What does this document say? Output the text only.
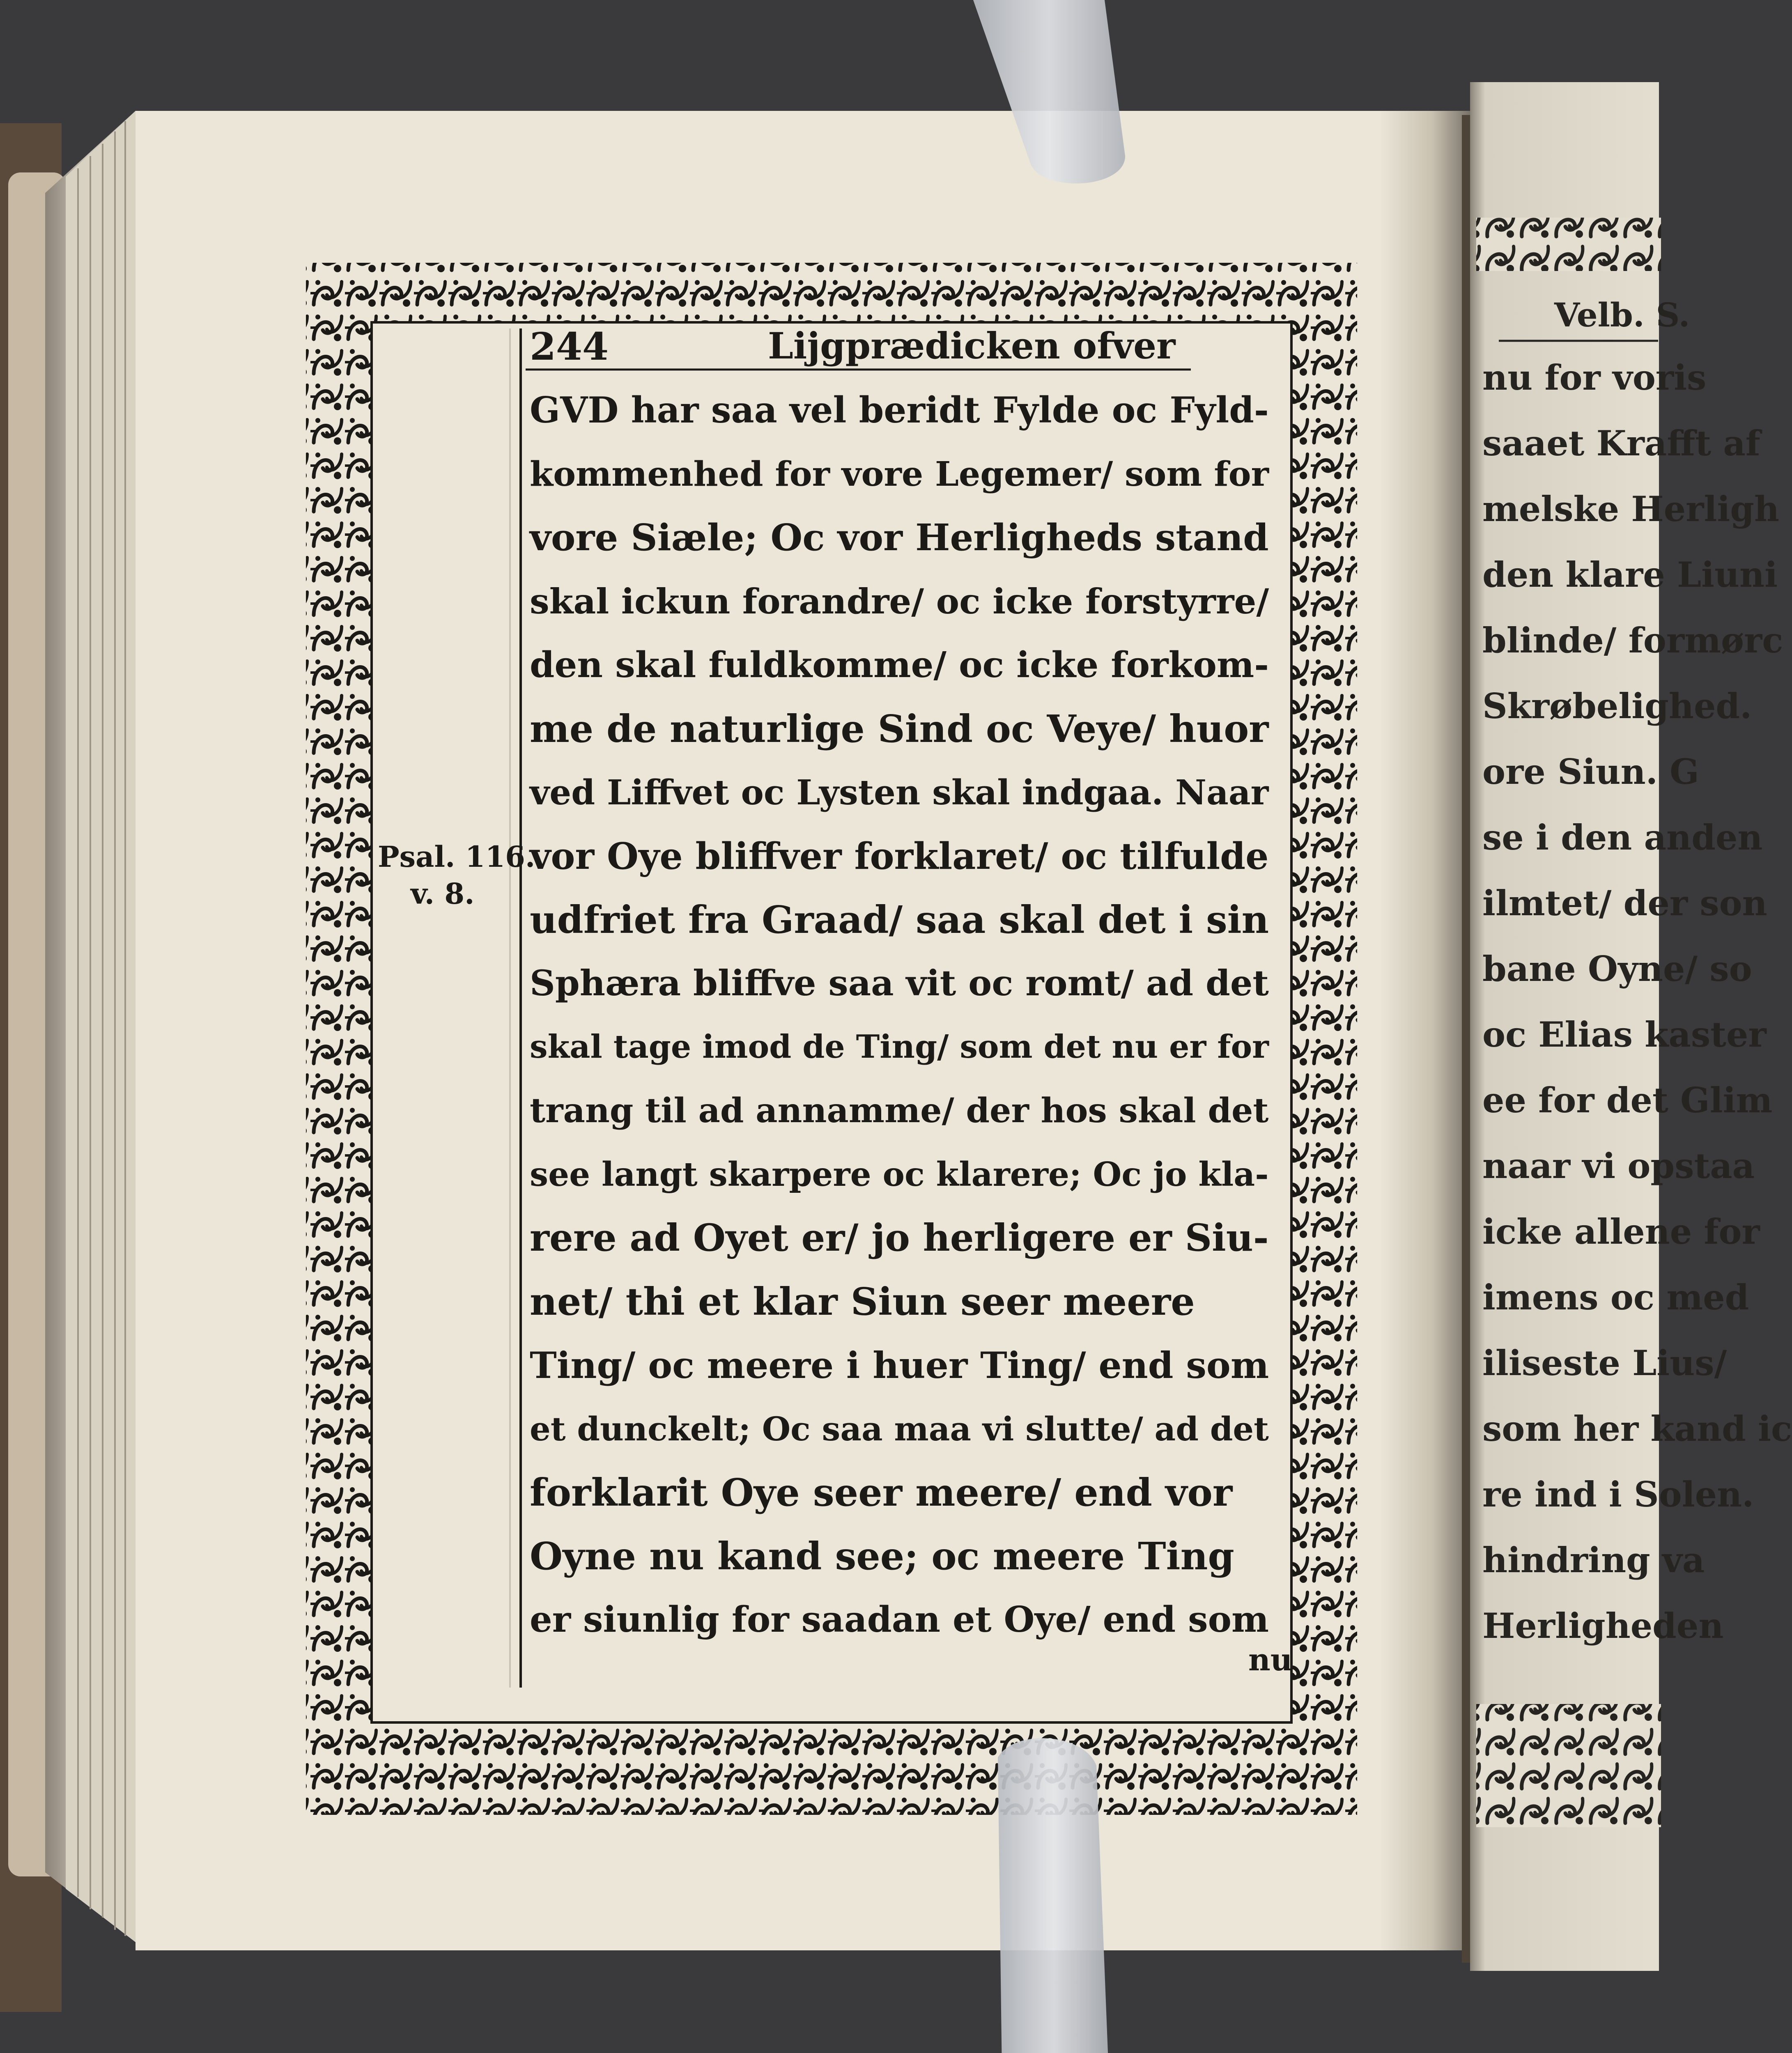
244	Lijgprædicken ofver
Psal. 116.
v. 8.
GVD har saa vel beridt Fylde oc Fyld-
kommenhed for vore Legemer/ som for
vore Siæle; Oc vor Herligheds stand
skal ickun forandre/ oc icke forstyrre/
den skal fuldkomme/ oc icke forkom-
me de naturlige Sind oc Veye/ huor
ved Liffvet oc Lysten skal indgaa. Naar
vor Oye bliffver forklaret/ oc tilfulde
udfriet fra Graad/ saa skal det i sin
Sphæra bliffve saa vit oc romt/ ad det
skal tage imod de Ting/ som det nu er for
trang til ad annamme/ der hos skal det
see langt skarpere oc klarere; Oc jo kla-
rere ad Oyet er/ jo herligere er Siu-
net/ thi et klar Siun seer meere
Ting/ oc meere i huer Ting/ end som
et dunckelt; Oc saa maa vi slutte/ ad det
forklarit Oye seer meere/ end vor
Oyne nu kand see; oc meere Ting
er siunlig for saadan et Oye/ end som
nu
Velb. S.
nu for voris
saaet Krafft af
melske Herligh
den klare Liuni
blinde/ formørc
Skrøbelighed.
ore Siun. G
se i den anden
ilmtet/ der son
bane Oyne/ so
oc Elias kaster
ee for det Glim
naar vi opstaa
icke allene for
imens oc med
iliseste Lius/
som her kand ic
re ind i Solen.
hindring va
Herligheden
